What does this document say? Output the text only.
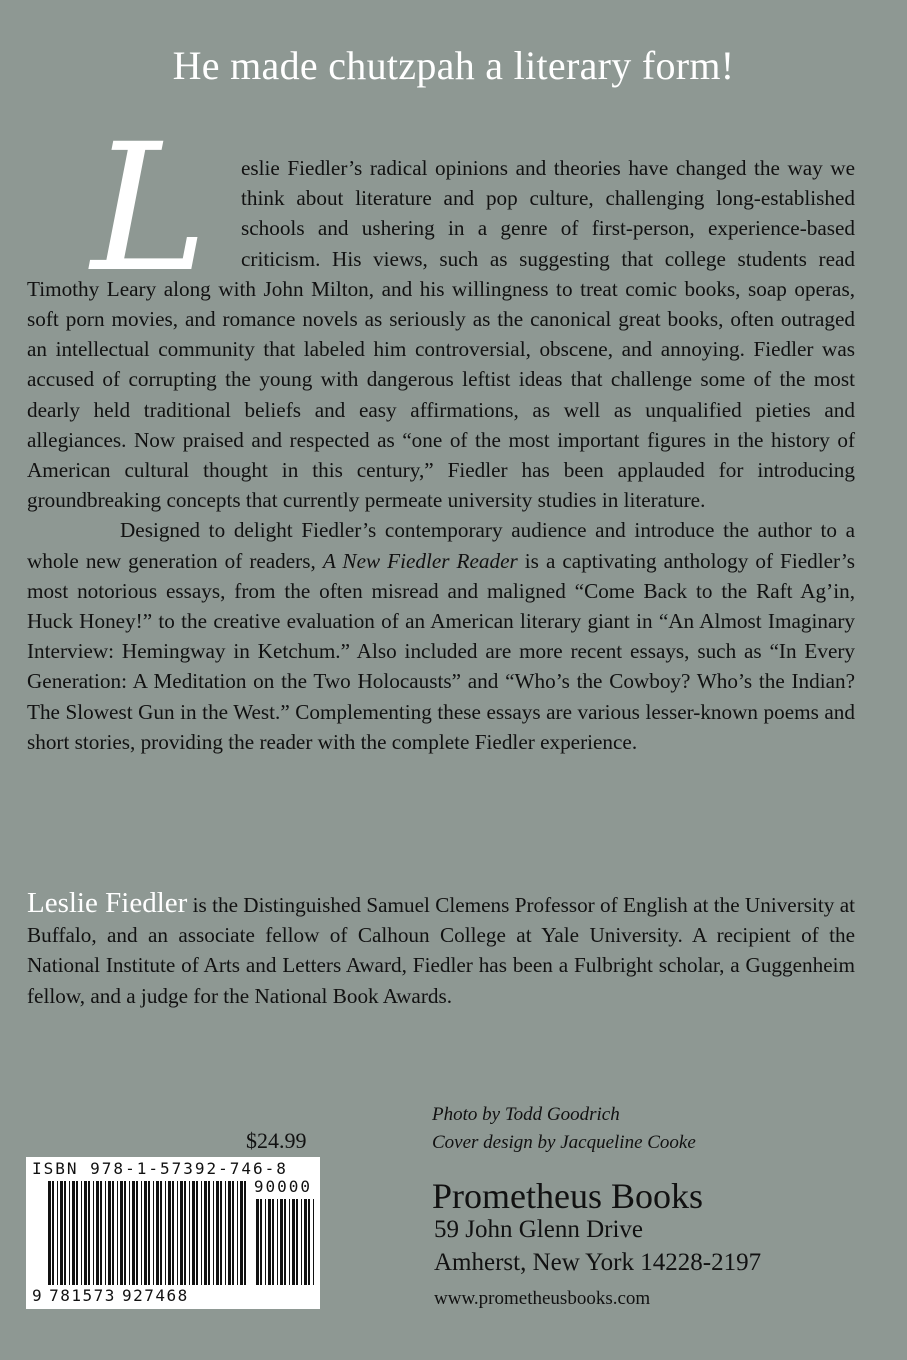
He made chutzpah a literary form!

L	eslie Fiedler’s radical opinions and theories have changed the way we think about literature and pop culture, challenging long-established schools and ushering in a genre of first-person, experience-based criticism. His views, such as suggesting that college students read Timothy Leary along with John Milton, and his willingness to treat comic books, soap operas, soft porn movies, and romance novels as seriously as the canonical great books, often outraged an intellectual community that labeled him controversial, obscene, and annoying. Fiedler was accused of corrupting the young with dangerous leftist ideas that challenge some of the most dearly held traditional beliefs and easy affirmations, as well as unqualified pieties and allegiances. Now praised and respected as “one of the most important figures in the history of American cultural thought in this century,” Fiedler has been applauded for introducing groundbreaking concepts that currently permeate university studies in literature.

Designed to delight Fiedler’s contemporary audience and introduce the author to a whole new generation of readers, A New Fiedler Reader is a captivating anthology of Fiedler’s most notorious essays, from the often misread and maligned “Come Back to the Raft Ag’in, Huck Honey!” to the creative evaluation of an American literary giant in “An Almost Imaginary Interview: Hemingway in Ketchum.” Also included are more recent essays, such as “In Every Generation: A Meditation on the Two Holocausts” and “Who’s the Cowboy? Who’s the Indian? The Slowest Gun in the West.” Complementing these essays are various lesser-known poems and short stories, providing the reader with the complete Fiedler experience.

Leslie Fiedler is the Distinguished Samuel Clemens Professor of English at the University at Buffalo, and an associate fellow of Calhoun College at Yale University. A recipient of the National Institute of Arts and Letters Award, Fiedler has been a Fulbright scholar, a Guggenheim fellow, and a judge for the National Book Awards.
Photo by Todd Goodrich
Cover design by Jacqueline Cooke
Prometheus Books
59 John Glenn Drive
Amherst, New York 14228-2197
www.prometheusbooks.com
$24.99
ISBN 978-1-57392-746-8
90000
9 781573 927468
